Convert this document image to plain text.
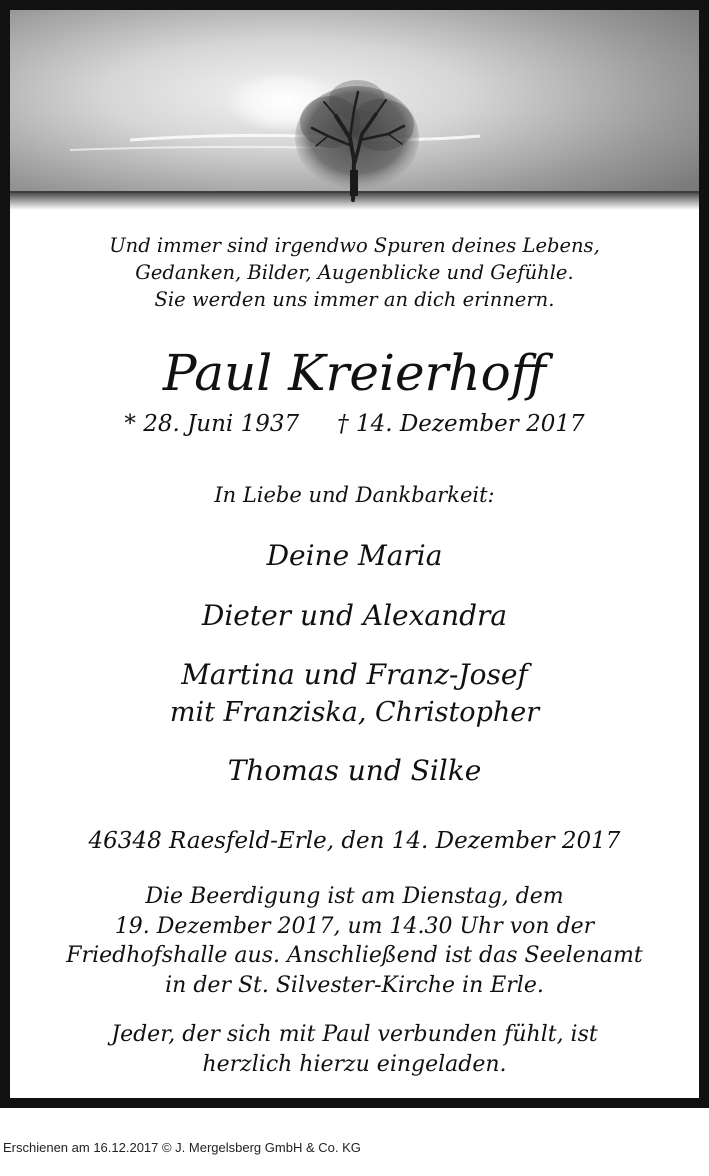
Und immer sind irgendwo Spuren deines Lebens,
Gedanken, Bilder, Augenblicke und Gefühle.
Sie werden uns immer an dich erinnern.
Paul Kreierhoff
* 28. Juni 1937 † 14. Dezember 2017
In Liebe und Dankbarkeit:
Deine Maria
Dieter und Alexandra
Martina und Franz-Josef
mit Franziska, Christopher
Thomas und Silke
46348 Raesfeld-Erle, den 14. Dezember 2017
Die Beerdigung ist am Dienstag, dem
19. Dezember 2017, um 14.30 Uhr von der
Friedhofshalle aus. Anschließend ist das Seelenamt
in der St. Silvester-Kirche in Erle.
Jeder, der sich mit Paul verbunden fühlt, ist
herzlich hierzu eingeladen.
Erschienen am 16.12.2017 © J. Mergelsberg GmbH & Co. KG
